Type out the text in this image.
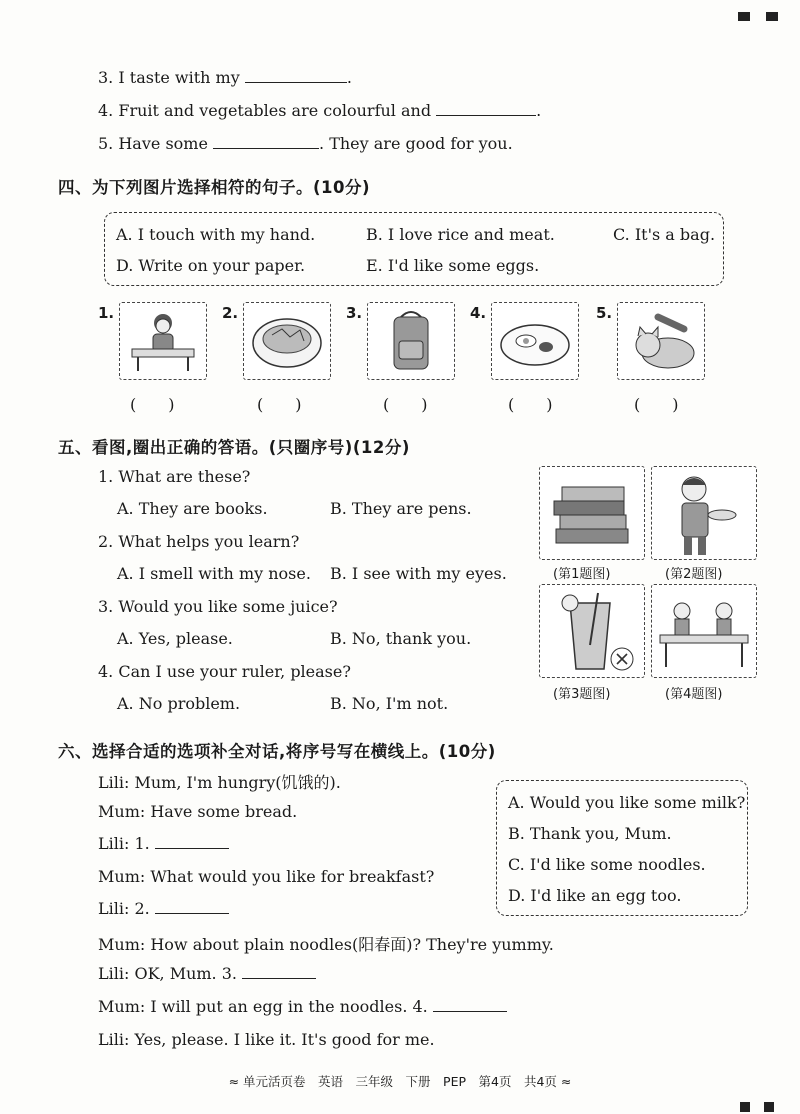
3. I taste with my	.
4. Fruit and vegetables are colourful and	.
5. Have some	. They are good for you.
四、为下列图片选择相符的句子。(10分)
A. I touch with my hand.	B. I love rice and meat.	C. It's a bag.
D. Write on your paper.	E. I'd like some eggs.
1.	2.	3.	4.	5.
(　　)	(　　)	(　　)	(　　)	(　　)
五、看图,圈出正确的答语。(只圈序号)(12分)
1. What are these?
A. They are books.	B. They are pens.
2. What helps you learn?
A. I smell with my nose. B. I see with my eyes.
3. Would you like some juice?
A. Yes, please.	B. No, thank you.
4. Can I use your ruler, please?
A. No problem.	B. No, I'm not.
(第1题图)	(第2题图)
(第3题图)	(第4题图)
六、选择合适的选项补全对话,将序号写在横线上。(10分)
Lili: Mum, I'm hungry(饥饿的).
Mum: Have some bread.
Lili: 1.
Mum: What would you like for breakfast?
Lili: 2.
Mum: How about plain noodles(阳春面)? They're yummy.
Lili: OK, Mum. 3.
Mum: I will put an egg in the noodles. 4.
Lili: Yes, please. I like it. It's good for me.
A. Would you like some milk?
B. Thank you, Mum.
C. I'd like some noodles.
D. I'd like an egg too.
≈ 单元活页卷　英语　三年级　下册　PEP　第4页　共4页 ≈
